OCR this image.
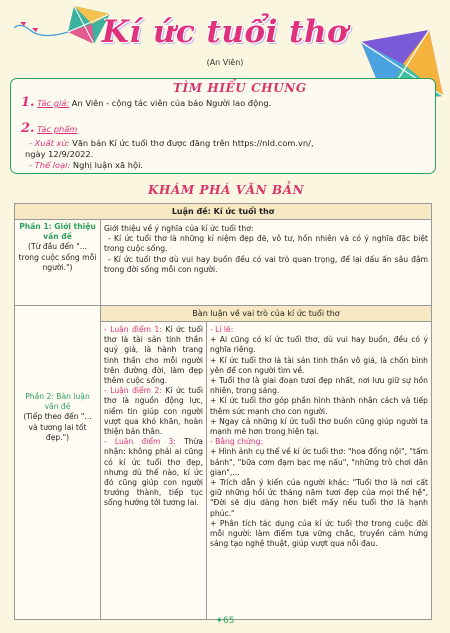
Kí ức tuổi thơ
(An Viên)
TÌM HIỂU CHUNG
1. Tác giả: An Viên - cộng tác viên của báo Người lao động.
2. Tác phẩm
- Xuất xứ: Văn bản Kí ức tuổi thơ được đăng trên https://nld.com.vn/,
ngày 12/9/2022.
- Thể loại: Nghị luận xã hội.
KHÁM PHÁ VĂN BẢN
Luận đề: Kí ức tuổi thơ

Phần 1: Giới thiệu vấn đề

(Từ đầu đến "... trong cuộc sống mỗi người.")

Giới thiệu về ý nghĩa của kí ức tuổi thơ:

- Kí ức tuổi thơ là những kỉ niệm đẹp đẽ, vô tư, hồn nhiên và có ý nghĩa đặc biệt trong cuộc sống.

- Kí ức tuổi thơ dù vui hay buồn đều có vai trò quan trọng, để lại dấu ấn sâu đậm trong đời sống mỗi con người.

Bàn luận về vai trò của kí ức tuổi thơ

Phần 2: Bàn luận vấn đề

(Tiếp theo đến "... và tương lai tốt đẹp.")

- Luận điểm 1: Kí ức tuổi thơ là tài sản tinh thần quý giá, là hành trang tinh thần cho mỗi người trên đường đời, làm đẹp thêm cuộc sống.

- Luận điểm 2: Kí ức tuổi thơ là nguồn động lực, niềm tin giúp con người vượt qua khó khăn, hoàn thiện bản thân.

- Luận điểm 3: Thừa nhận: không phải ai cũng có kí ức tuổi thơ đẹp, nhưng dù thế nào, kí ức đó cũng giúp con người trưởng thành, tiếp tục sống hướng tới tương lai.

- Lí lẽ:

+ Ai cũng có kí ức tuổi thơ, dù vui hay buồn, đều có ý nghĩa riêng.

+ Kí ức tuổi thơ là tài sản tinh thần vô giá, là chốn bình yên để con người tìm về.

+ Tuổi thơ là giai đoạn tươi đẹp nhất, nơi lưu giữ sự hồn nhiên, trong sáng.

+ Kí ức tuổi thơ góp phần hình thành nhân cách và tiếp thêm sức mạnh cho con người.

+ Ngay cả những kí ức tuổi thơ buồn cũng giúp người ta mạnh mẽ hơn trong hiện tại.

- Bằng chứng:

+ Hình ảnh cụ thể về kí ức tuổi thơ: "hoa đồng nội", "tấm bánh", "bữa cơm đạm bạc mẹ nấu", "những trò chơi dân gian",...

+ Trích dẫn ý kiến của người khác: "Tuổi thơ là nơi cất giữ những hồi ức tháng năm tươi đẹp của mọi thế hệ", "Đời sẽ dịu dàng hơn biết mấy nếu tuổi thơ là hạnh phúc."

+ Phân tích tác dụng của kí ức tuổi thơ trong cuộc đời mỗi người: làm điểm tựa vững chắc, truyền cảm hứng sáng tạo nghệ thuật, giúp vượt qua nỗi đau.

✦65
